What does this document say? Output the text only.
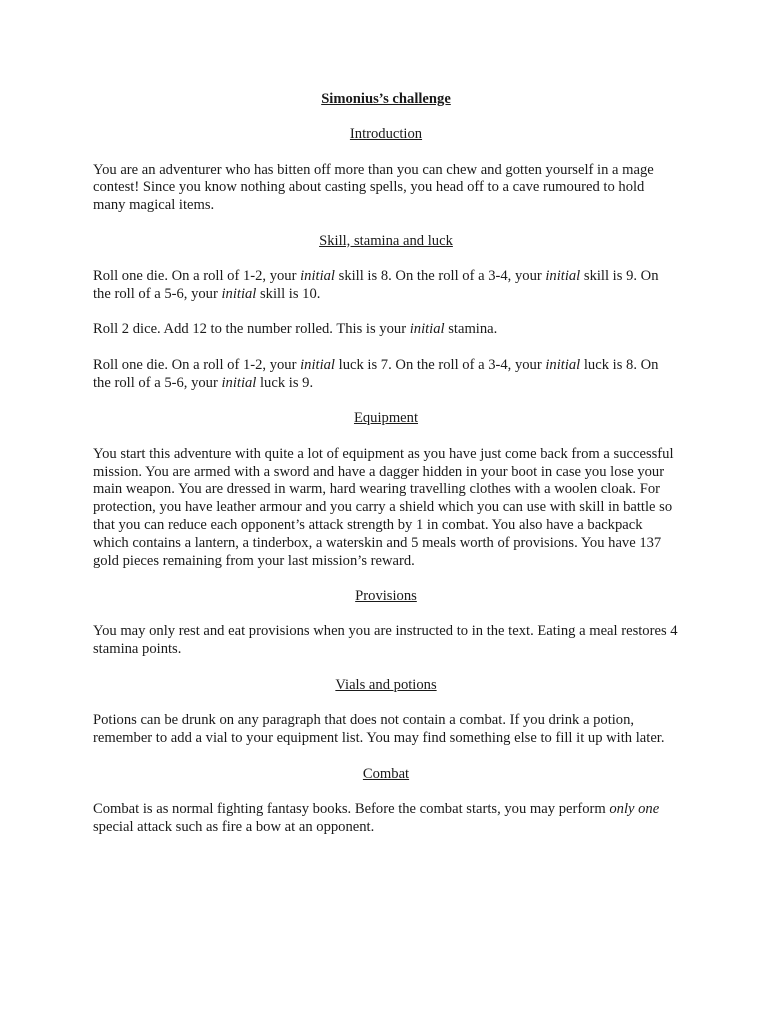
Simonius’s challenge
Introduction

You are an adventurer who has bitten off more than you can chew and gotten yourself in a mage contest! Since you know nothing about casting spells, you head off to a cave rumoured to hold many magical items.

Skill, stamina and luck

Roll one die. On a roll of 1-2, your initial skill is 8. On the roll of a 3-4, your initial skill is 9. On the roll of a 5-6, your initial skill is 10.

Roll 2 dice. Add 12 to the number rolled. This is your initial stamina.

Roll one die. On a roll of 1-2, your initial luck is 7. On the roll of a 3-4, your initial luck is 8. On the roll of a 5-6, your initial luck is 9.

Equipment

You start this adventure with quite a lot of equipment as you have just come back from a successful mission. You are armed with a sword and have a dagger hidden in your boot in case you lose your main weapon. You are dressed in warm, hard wearing travelling clothes with a woolen cloak. For protection, you have leather armour and you carry a shield which you can use with skill in battle so that you can reduce each opponent’s attack strength by 1 in combat. You also have a backpack which contains a lantern, a tinderbox, a waterskin and 5 meals worth of provisions. You have 137 gold pieces remaining from your last mission’s reward.

Provisions

You may only rest and eat provisions when you are instructed to in the text. Eating a meal restores 4 stamina points.

Vials and potions

Potions can be drunk on any paragraph that does not contain a combat. If you drink a potion, remember to add a vial to your equipment list. You may find something else to fill it up with later.

Combat

Combat is as normal fighting fantasy books. Before the combat starts, you may perform only one special attack such as fire a bow at an opponent.
